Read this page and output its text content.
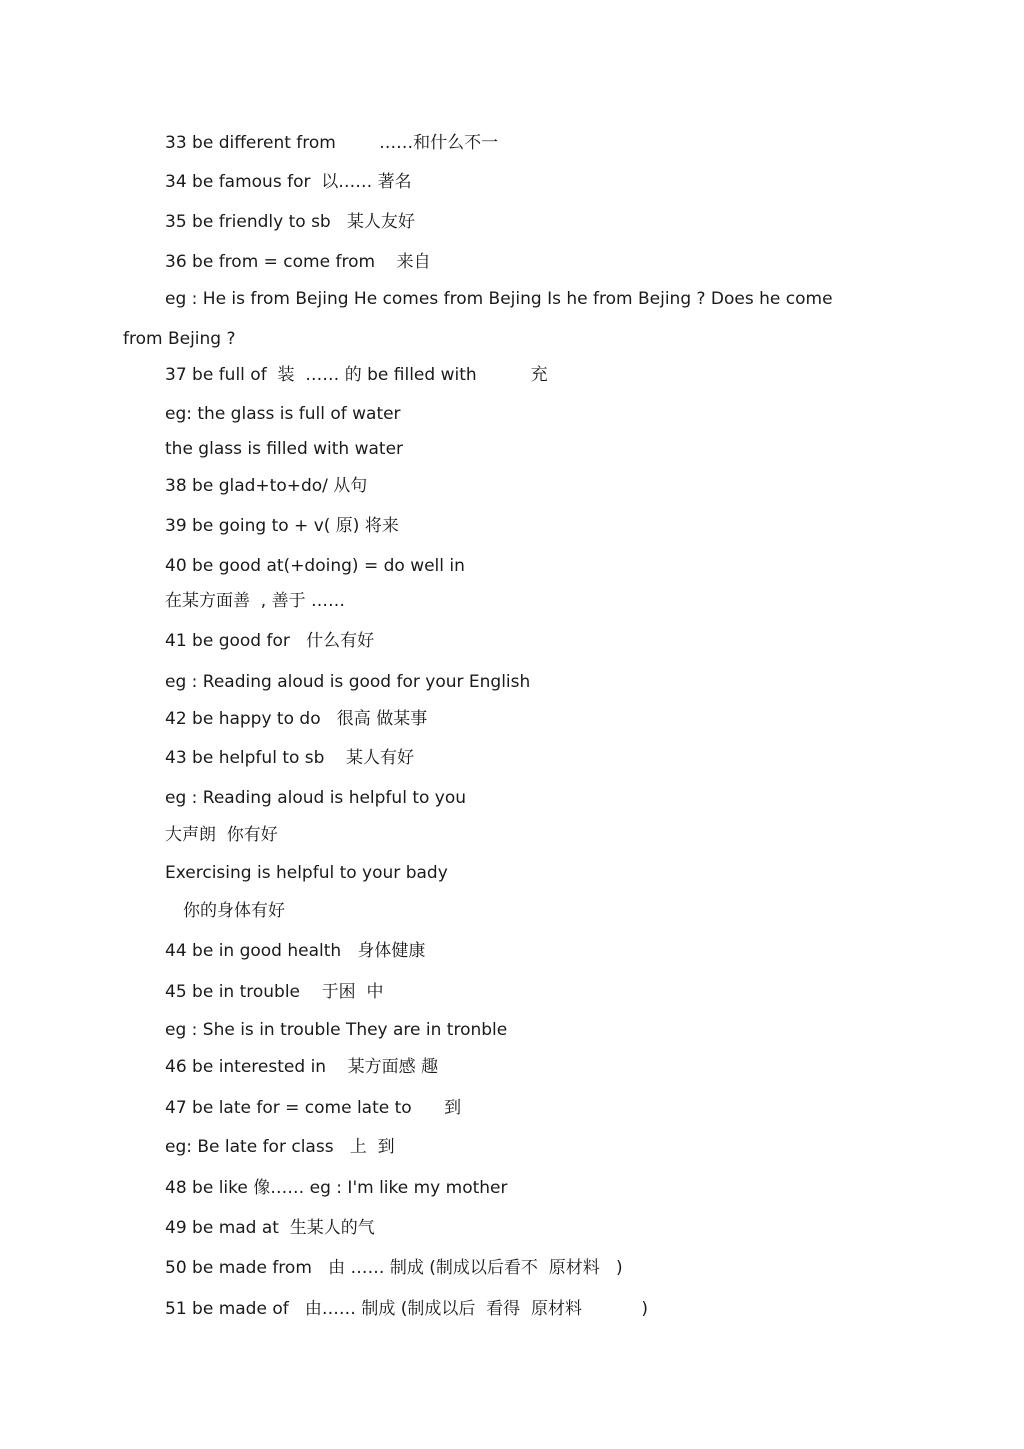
33 be different from        ……和什么不一
34 be famous for  以…… 著名
35 be friendly to sb   某人友好
36 be from = come from    来自
eg : He is from Bejing He comes from Bejing Is he from Bejing ? Does he come
from Bejing ?
37 be full of  装  …… 的 be filled with          充
eg: the glass is full of water
the glass is filled with water
38 be glad+to+do/ 从句
39 be going to + v( 原) 将来
40 be good at(+doing) = do well in
在某方面善  , 善于 ……
41 be good for   什么有好
eg : Reading aloud is good for your English
42 be happy to do   很高 做某事
43 be helpful to sb    某人有好
eg : Reading aloud is helpful to you
大声朗  你有好
Exercising is helpful to your bady
你的身体有好
44 be in good health   身体健康
45 be in trouble    于困  中
eg : She is in trouble They are in tronble
46 be interested in    某方面感 趣
47 be late for = come late to      到
eg: Be late for class   上  到
48 be like 像…… eg : I'm like my mother
49 be mad at  生某人的气
50 be made from   由 …… 制成 (制成以后看不  原材料   )
51 be made of   由…… 制成 (制成以后  看得  原材料           )
